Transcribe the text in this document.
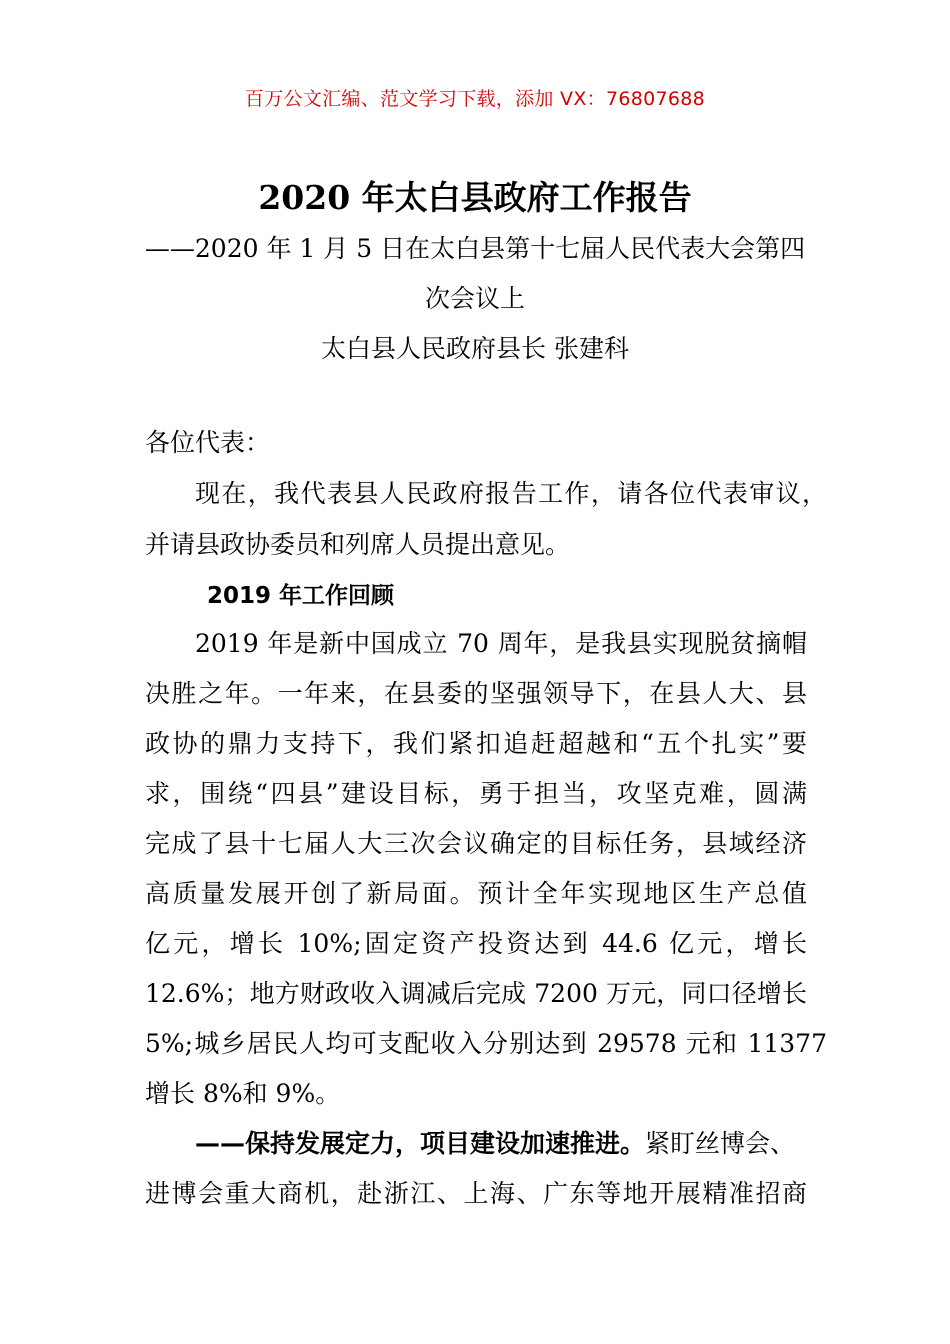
百万公文汇编、范文学习下载，添加 VX：76807688
2020 年太白县政府工作报告
——2020 年 1 月 5 日在太白县第十七届人民代表大会第四
次会议上
太白县人民政府县长 张建科
各位代表：
现在，我代表县人民政府报告工作，请各位代表审议，
并请县政协委员和列席人员提出意见。
2019 年工作回顾
2019 年是新中国成立 70 周年，是我县实现脱贫摘帽
决胜之年。一年来，在县委的坚强领导下，在县人大、县
政协的鼎力支持下，我们紧扣追赶超越和“五个扎实”要
求，围绕“四县”建设目标，勇于担当，攻坚克难，圆满
完成了县十七届人大三次会议确定的目标任务，县域经济
高质量发展开创了新局面。预计全年实现地区生产总值
亿元，增长 10%;固定资产投资达到 44.6 亿元，增长
12.6%；地方财政收入调减后完成 7200 万元，同口径增长
5%;城乡居民人均可支配收入分别达到 29578 元和 11377
增长 8%和 9%。
——保持发展定力，项目建设加速推进。紧盯丝博会、
进博会重大商机，赴浙江、上海、广东等地开展精准招商
